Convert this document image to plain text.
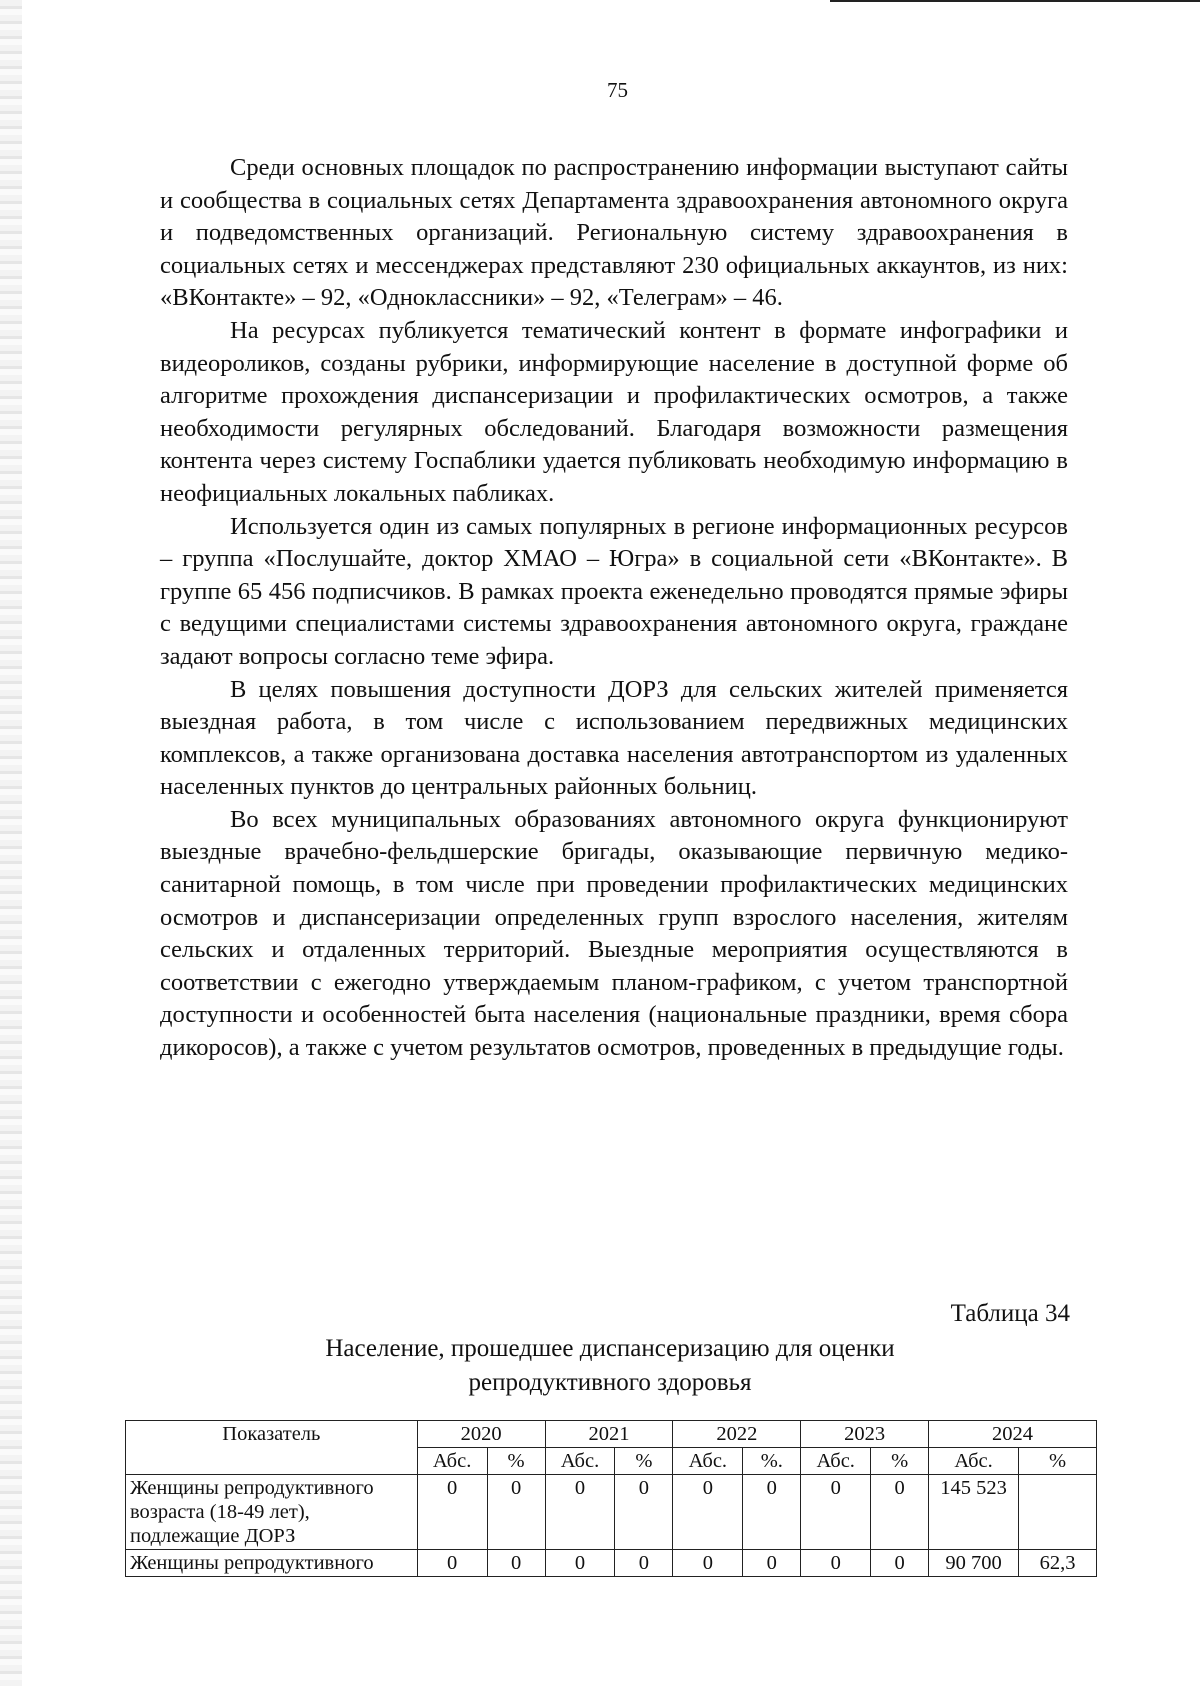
75

Среди основных площадок по распространению информации выступают сайты и сообщества в социальных сетях Департамента здравоохранения автономного округа и подведомственных организаций. Региональную систему здравоохранения в социальных сетях и мессенджерах представляют 230 официальных аккаунтов, из них: «ВКонтакте» – 92, «Одноклассники» – 92, «Телеграм» – 46.

На ресурсах публикуется тематический контент в формате инфографики и видеороликов, созданы рубрики, информирующие население в доступной форме об алгоритме прохождения диспансеризации и профилактических осмотров, а также необходимости регулярных обследований. Благодаря возможности размещения контента через систему Госпаблики удается публиковать необходимую информацию в неофициальных локальных пабликах.

Используется один из самых популярных в регионе информационных ресурсов – группа «Послушайте, доктор ХМАО – Югра» в социальной сети «ВКонтакте». В группе 65 456 подписчиков. В рамках проекта еженедельно проводятся прямые эфиры с ведущими специалистами системы здравоохранения автономного округа, граждане задают вопросы согласно теме эфира.

В целях повышения доступности ДОРЗ для сельских жителей применяется выездная работа, в том числе с использованием передвижных медицинских комплексов, а также организована доставка населения автотранспортом из удаленных населенных пунктов до центральных районных больниц.

Во всех муниципальных образованиях автономного округа функционируют выездные врачебно-фельдшерские бригады, оказывающие первичную медико-санитарной помощь, в том числе при проведении профилактических медицинских осмотров и диспансеризации определенных групп взрослого населения, жителям сельских и отдаленных территорий. Выездные мероприятия осуществляются в соответствии с ежегодно утверждаемым планом-графиком, с учетом транспортной доступности и особенностей быта населения (национальные праздники, время сбора дикоросов), а также с учетом результатов осмотров, проведенных в предыдущие годы.

Таблица 34
Население, прошедшее диспансеризацию для оценки
репродуктивного здоровья
Показатель	2020		2021		2022		2023		2024	
	Абс.	%	Абс.	%	Абс.	%.	Абс.	%	Абс.	%
Женщины репродуктивного возраста (18-49 лет), подлежащие ДОРЗ	0	0	0	0	0	0	0	0	145 523	
Женщины репродуктивного	0	0	0	0	0	0	0	0	90 700	62,3
